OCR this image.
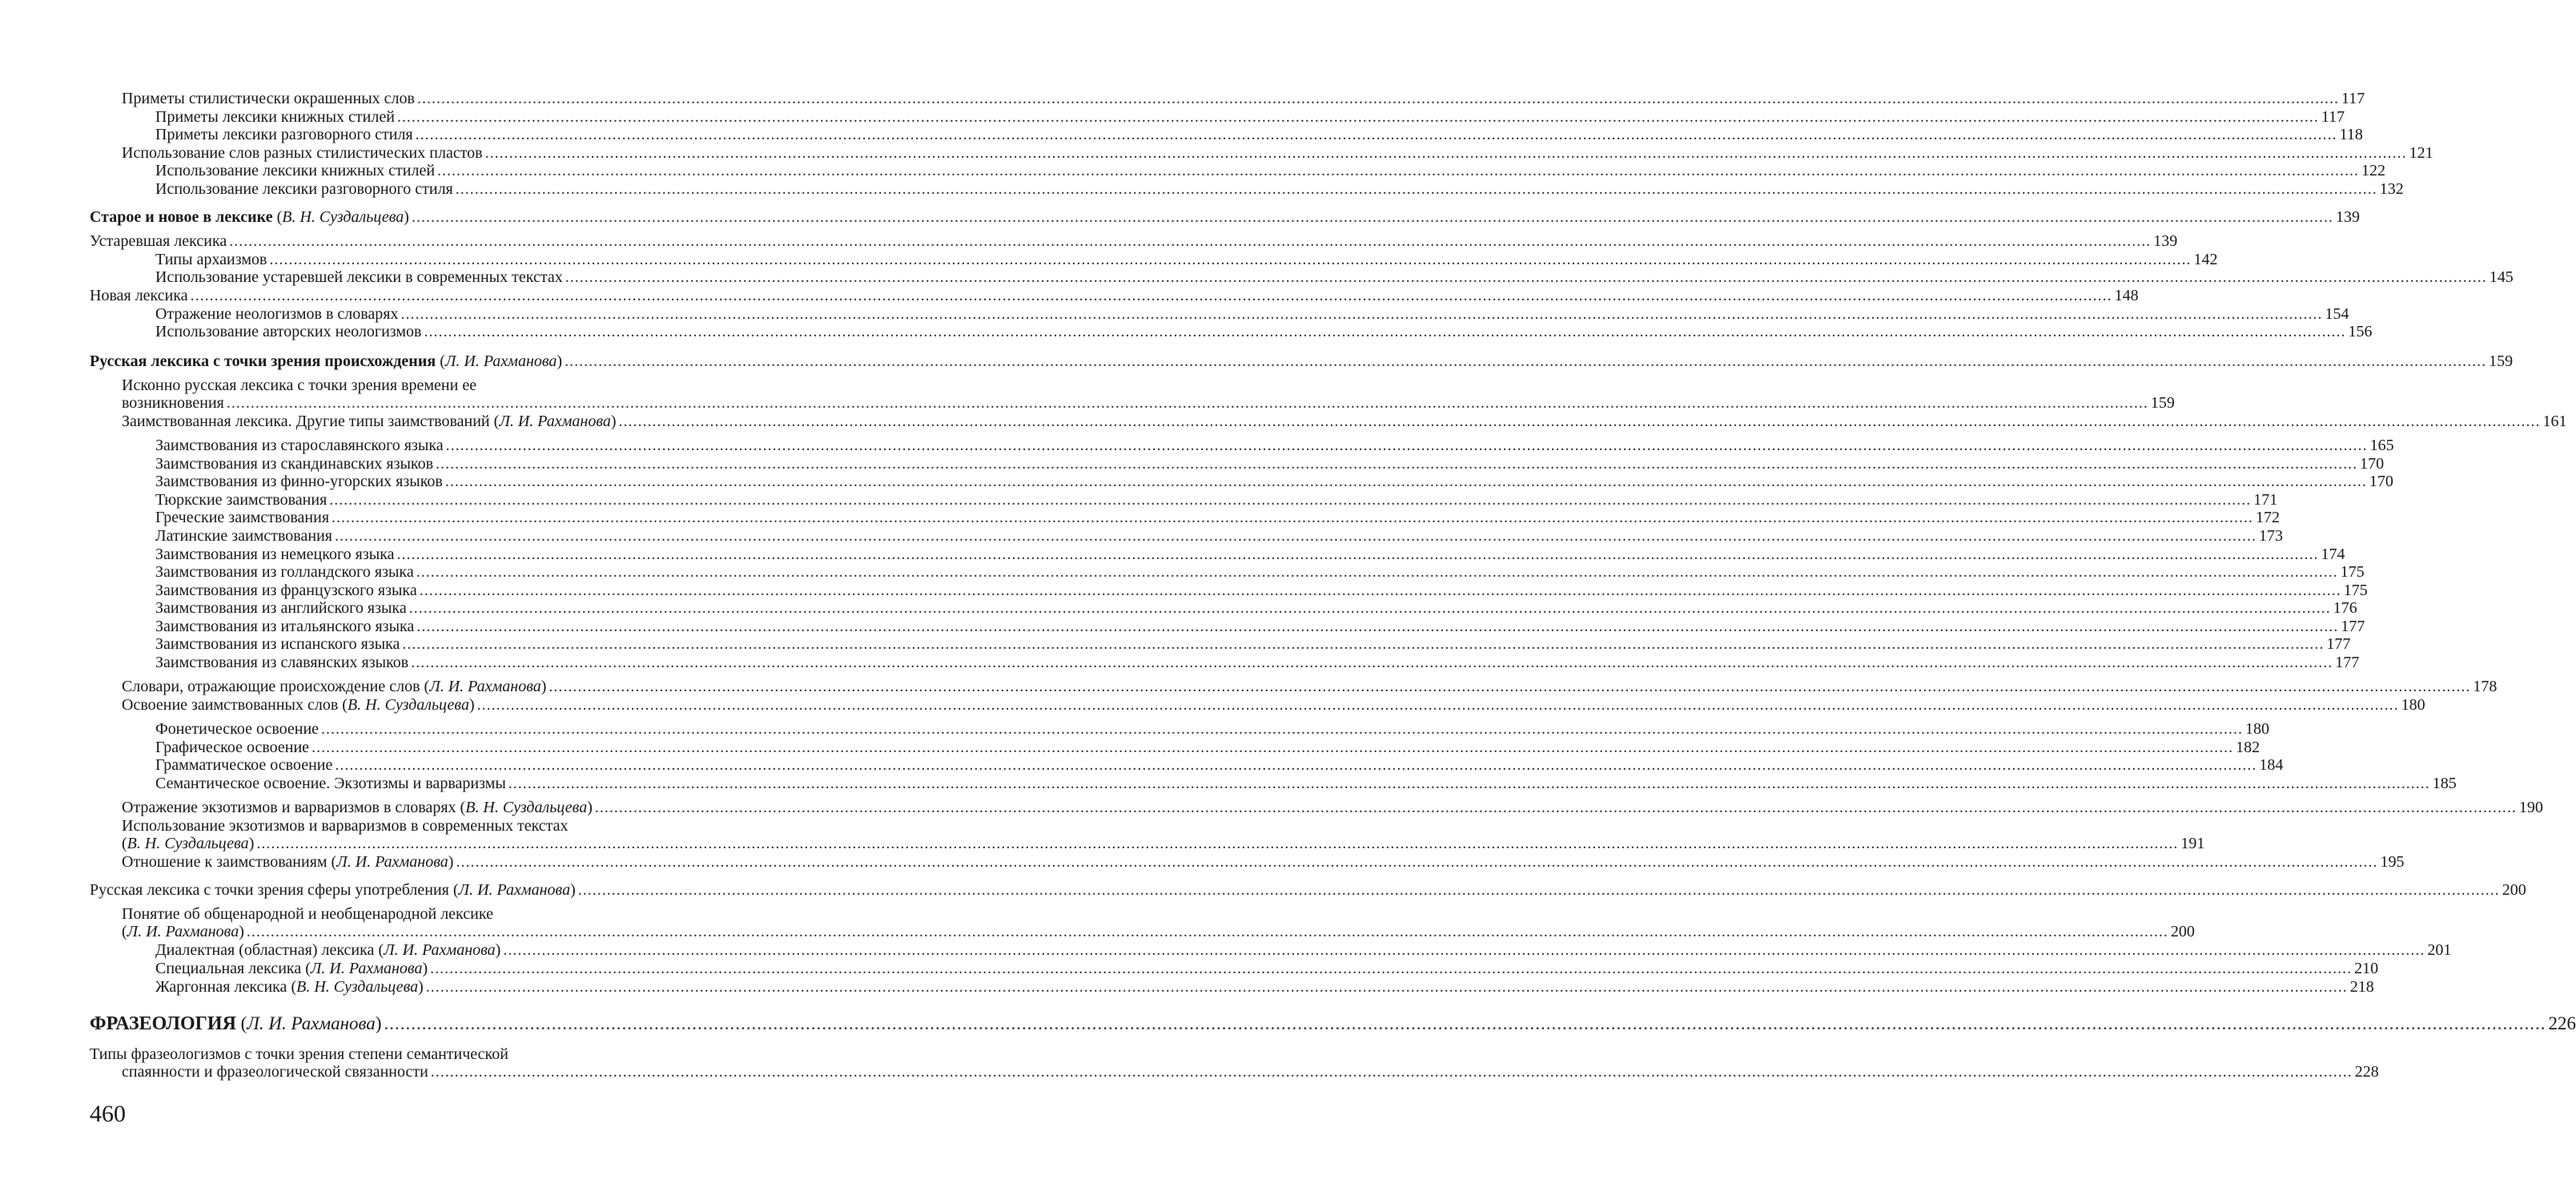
Приметы стилистически окрашенных слов ................................................................................................................................................................................................................................................................................................................................................................................................................ 117
Приметы лексики книжных стилей ................................................................................................................................................................................................................................................................................................................................................................................................................ 117
Приметы лексики разговорного стиля ................................................................................................................................................................................................................................................................................................................................................................................................................ 118
Использование слов разных стилистических пластов ................................................................................................................................................................................................................................................................................................................................................................................................................ 121
Использование лексики книжных стилей ................................................................................................................................................................................................................................................................................................................................................................................................................ 122
Использование лексики разговорного стиля ................................................................................................................................................................................................................................................................................................................................................................................................................ 132
Старое и новое в лексике (В. Н. Суздальцева) ................................................................................................................................................................................................................................................................................................................................................................................................................ 139
Устаревшая лексика ................................................................................................................................................................................................................................................................................................................................................................................................................ 139
Типы архаизмов ................................................................................................................................................................................................................................................................................................................................................................................................................ 142
Использование устаревшей лексики в современных текстах ................................................................................................................................................................................................................................................................................................................................................................................................................ 145
Новая лексика ................................................................................................................................................................................................................................................................................................................................................................................................................ 148
Отражение неологизмов в словарях ................................................................................................................................................................................................................................................................................................................................................................................................................ 154
Использование авторских неологизмов ................................................................................................................................................................................................................................................................................................................................................................................................................ 156
Русская лексика с точки зрения происхождения (Л. И. Рахманова) ................................................................................................................................................................................................................................................................................................................................................................................................................ 159
Исконно русская лексика с точки зрения времени ее
возникновения ................................................................................................................................................................................................................................................................................................................................................................................................................ 159
Заимствованная лексика. Другие типы заимствований (Л. И. Рахманова) ................................................................................................................................................................................................................................................................................................................................................................................................................ 161
Заимствования из старославянского языка ................................................................................................................................................................................................................................................................................................................................................................................................................ 165
Заимствования из скандинавских языков ................................................................................................................................................................................................................................................................................................................................................................................................................ 170
Заимствования из финно-угорских языков ................................................................................................................................................................................................................................................................................................................................................................................................................ 170
Тюркские заимствования ................................................................................................................................................................................................................................................................................................................................................................................................................ 171
Греческие заимствования ................................................................................................................................................................................................................................................................................................................................................................................................................ 172
Латинские заимствования ................................................................................................................................................................................................................................................................................................................................................................................................................ 173
Заимствования из немецкого языка ................................................................................................................................................................................................................................................................................................................................................................................................................ 174
Заимствования из голландского языка ................................................................................................................................................................................................................................................................................................................................................................................................................ 175
Заимствования из французского языка ................................................................................................................................................................................................................................................................................................................................................................................................................ 175
Заимствования из английского языка ................................................................................................................................................................................................................................................................................................................................................................................................................ 176
Заимствования из итальянского языка ................................................................................................................................................................................................................................................................................................................................................................................................................ 177
Заимствования из испанского языка ................................................................................................................................................................................................................................................................................................................................................................................................................ 177
Заимствования из славянских языков ................................................................................................................................................................................................................................................................................................................................................................................................................ 177
Словари, отражающие происхождение слов (Л. И. Рахманова) ................................................................................................................................................................................................................................................................................................................................................................................................................ 178
Освоение заимствованных слов (В. Н. Суздальцева) ................................................................................................................................................................................................................................................................................................................................................................................................................ 180
Фонетическое освоение ................................................................................................................................................................................................................................................................................................................................................................................................................ 180
Графическое освоение ................................................................................................................................................................................................................................................................................................................................................................................................................ 182
Грамматическое освоение ................................................................................................................................................................................................................................................................................................................................................................................................................ 184
Семантическое освоение. Экзотизмы и варваризмы ................................................................................................................................................................................................................................................................................................................................................................................................................ 185
Отражение экзотизмов и варваризмов в словарях (В. Н. Суздальцева) ................................................................................................................................................................................................................................................................................................................................................................................................................ 190
Использование экзотизмов и варваризмов в современных текстах
(В. Н. Суздальцева) ................................................................................................................................................................................................................................................................................................................................................................................................................ 191
Отношение к заимствованиям (Л. И. Рахманова) ................................................................................................................................................................................................................................................................................................................................................................................................................ 195
Русская лексика с точки зрения сферы употребления (Л. И. Рахманова) ................................................................................................................................................................................................................................................................................................................................................................................................................ 200
Понятие об общенародной и необщенародной лексике
(Л. И. Рахманова) ................................................................................................................................................................................................................................................................................................................................................................................................................ 200
Диалектная (областная) лексика (Л. И. Рахманова) ................................................................................................................................................................................................................................................................................................................................................................................................................ 201
Специальная лексика (Л. И. Рахманова) ................................................................................................................................................................................................................................................................................................................................................................................................................ 210
Жаргонная лексика (В. Н. Суздальцева) ................................................................................................................................................................................................................................................................................................................................................................................................................ 218
ФРАЗЕОЛОГИЯ (Л. И. Рахманова) ................................................................................................................................................................................................................................................................................................................................................................................................................ 226
Типы фразеологизмов с точки зрения степени семантической
спаянности и фразеологической связанности ................................................................................................................................................................................................................................................................................................................................................................................................................ 228
460
